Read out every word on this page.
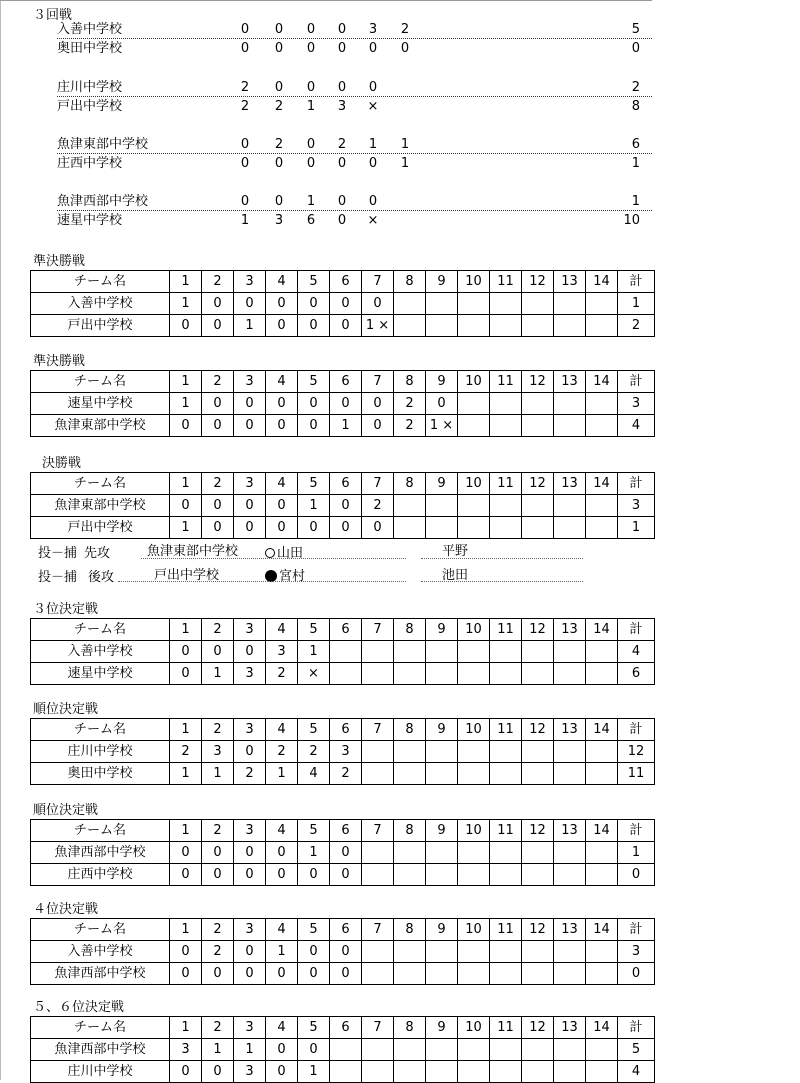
３回戦
入善中学校	0	0	0	0	3	2	5
奥田中学校	0	0	0	0	0	0	0
庄川中学校	2	0	0	0	0	2
戸出中学校	2	2	1	3	×	8
魚津東部中学校	0	2	0	2	1	1	6
庄西中学校	0	0	0	0	0	1	1
魚津西部中学校	0	0	1	0	0	1
速星中学校	1	3	6	0	×	10
準決勝戦
チーム名	1	2	3	4	5	6	7	8	9	10	11	12	13	14	計
入善中学校	1	0	0	0	0	0	0								1
戸出中学校	0	0	1	0	0	0	1 ×								2
準決勝戦
チーム名	1	2	3	4	5	6	7	8	9	10	11	12	13	14	計
速星中学校	1	0	0	0	0	0	0	2	0						3
魚津東部中学校	0	0	0	0	0	1	0	2	1 ×						4
決勝戦
チーム名	1	2	3	4	5	6	7	8	9	10	11	12	13	14	計
魚津東部中学校	0	0	0	0	1	0	2								3
戸出中学校	1	0	0	0	0	0	0								1
３位決定戦
チーム名	1	2	3	4	5	6	7	8	9	10	11	12	13	14	計
入善中学校	0	0	0	3	1										4
速星中学校	0	1	3	2	×										6
順位決定戦
チーム名	1	2	3	4	5	6	7	8	9	10	11	12	13	14	計
庄川中学校	2	3	0	2	2	3									12
奥田中学校	1	1	2	1	4	2									11
順位決定戦
チーム名	1	2	3	4	5	6	7	8	9	10	11	12	13	14	計
魚津西部中学校	0	0	0	0	1	0									1
庄西中学校	0	0	0	0	0	0									0
４位決定戦
チーム名	1	2	3	4	5	6	7	8	9	10	11	12	13	14	計
入善中学校	0	2	0	1	0	0									3
魚津西部中学校	0	0	0	0	0	0									0
５、６位決定戦
チーム名	1	2	3	4	5	6	7	8	9	10	11	12	13	14	計
魚津西部中学校	3	1	1	0	0										5
庄川中学校	0	0	3	0	1										4
投－捕 先攻	魚津東部中学校	山田	平野
投－捕 後攻	戸出中学校	宮村	池田
